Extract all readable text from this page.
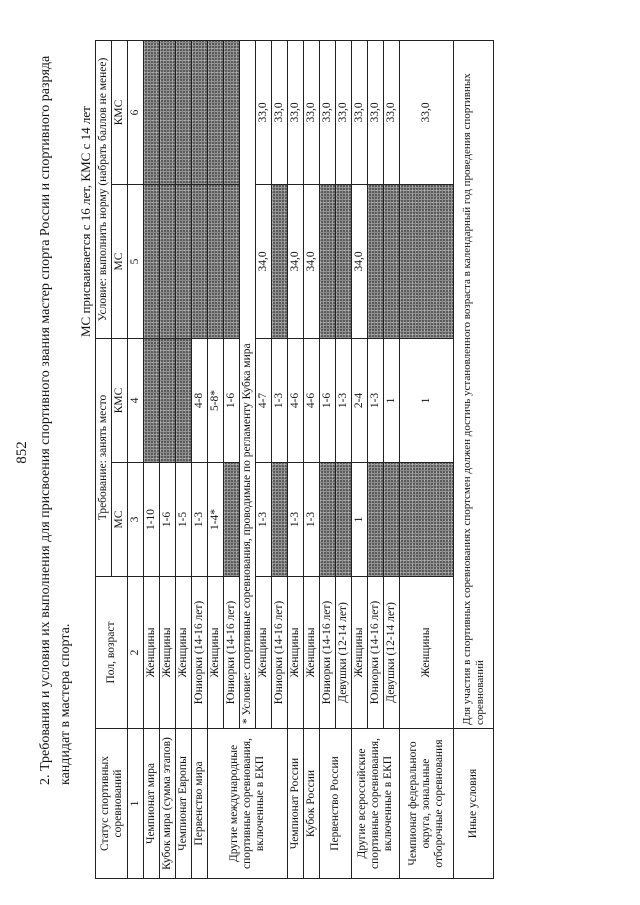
852 2. Требования и условия их выполнения для присвоения спортивного звания мастер спорта России и спортивного разряда кандидат в мастера спорта.
МС присваивается с 16 лет, КМС с 14 лет
Статус спортивных соревнований	Пол, возраст	Требование: занять место		Условие: выполнить норму (набрать баллов не менее)	
		МС	КМС	МС	КМС
1	2	3	4	5	6
Чемпионат мира	Женщины	1-10			
Кубок мира (сумма этапов)	Женщины	1-6			
Чемпионат Европы	Женщины	1-5			
Первенство мира	Юниорки (14-16 лет)	1-3	4-8		
Другие международные спортивные соревнования, включенные в ЕКП	Женщины	1-4*	5-8*		
	Юниорки (14-16 лет)		1-6		
	* Условие: спортивные соревнования, проводимые по регламенту Кубка мира				
	Женщины	1-3	4-7	34,0	33,0
	Юниорки (14-16 лет)		1-3		33,0
Чемпионат России	Женщины	1-3	4-6	34,0	33,0
Кубок России	Женщины	1-3	4-6	34,0	33,0
Первенство России	Юниорки (14-16 лет)		1-6		33,0
	Девушки (12-14 лет)		1-3		33,0
Другие всероссийские спортивные соревнования, включенные в ЕКП	Женщины	1	2-4	34,0	33,0
	Юниорки (14-16 лет)		1-3		33,0
	Девушки (12-14 лет)		1		33,0
Чемпионат федерального округа, зональные отборочные соревнования	Женщины		1		33,0
Иные условия	Для участия в спортивных соревнованиях спортсмен должен достичь установленного возраста в календарный год проведения спортивных соревнований				
